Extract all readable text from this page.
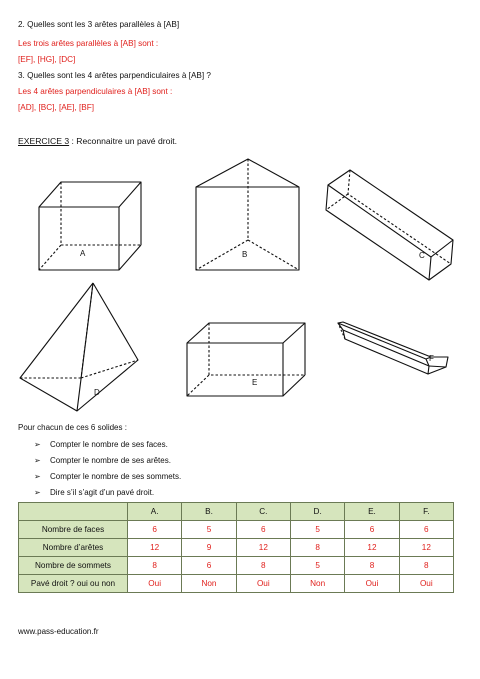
2. Quelles sont les 3 arêtes parallèles à [AB]
Les trois arêtes parallèles à [AB] sont :
[EF], [HG], [DC]
3. Quelles sont les 4 arêtes parpendiculaires à [AB] ?
Les 4 arêtes parpendiculaires à [AB] sont :
[AD], [BC], [AE], [BF]
EXERCICE 3 : Reconnaitre un pavé droit.
A	B	C
D
E
F
Pour chacun de ces 6 solides :
➢ Compter le nombre de ses faces.
➢ Compter le nombre de ses arêtes.
➢ Compter le nombre de ses sommets.
➢ Dire s’il s’agit d’un pavé droit.
	A.	B.	C.	D.	E.	F.
Nombre de faces	6	5	6	5	6	6
Nombre d’arêtes	12	9	12	8	12	12
Nombre de sommets	8	6	8	5	8	8
Pavé droit ? oui ou non	Oui	Non	Oui	Non	Oui	Oui
www.pass-education.fr
